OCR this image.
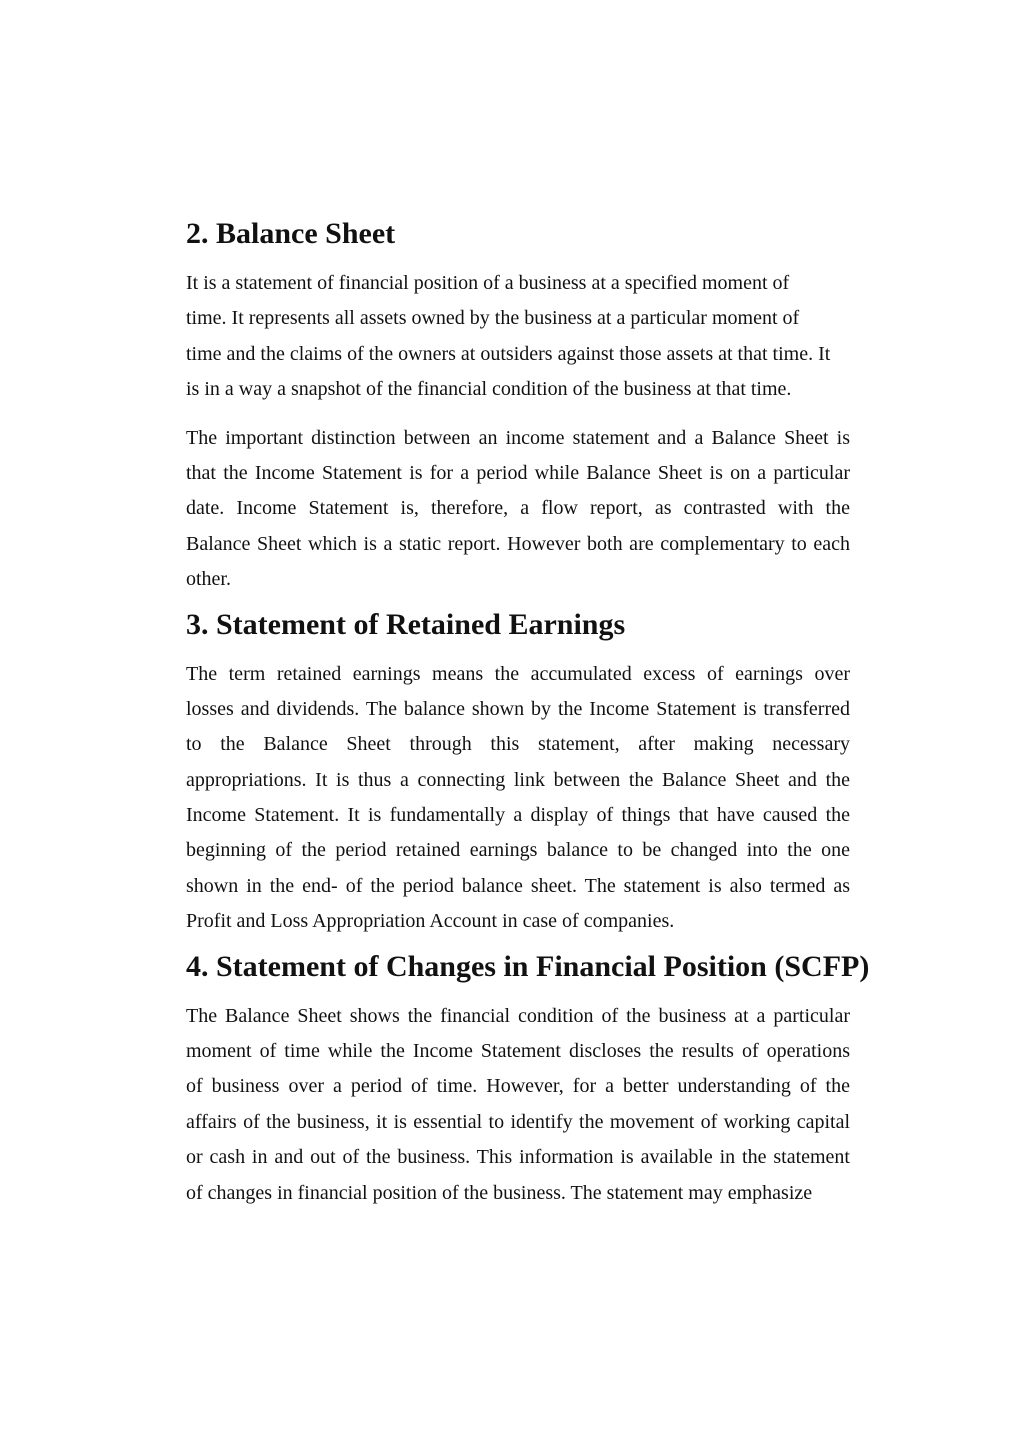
2. Balance Sheet

It is a statement of financial position of a business at a specified moment of
time. It represents all assets owned by the business at a particular moment of
time and the claims of the owners at outsiders against those assets at that time. It
is in a way a snapshot of the financial condition of the business at that time.

The important distinction between an income statement and a Balance Sheet is
that the Income Statement is for a period while Balance Sheet is on a particular
date. Income Statement is, therefore, a flow report, as contrasted with the
Balance Sheet which is a static report. However both are complementary to each
other.

3. Statement of Retained Earnings

The term retained earnings means the accumulated excess of earnings over
losses and dividends. The balance shown by the Income Statement is transferred
to the Balance Sheet through this statement, after making necessary
appropriations. It is thus a connecting link between the Balance Sheet and the
Income Statement. It is fundamentally a display of things that have caused the
beginning of the period retained earnings balance to be changed into the one
shown in the end- of the period balance sheet. The statement is also termed as
Profit and Loss Appropriation Account in case of companies.

4. Statement of Changes in Financial Position (SCFP)

The Balance Sheet shows the financial condition of the business at a particular
moment of time while the Income Statement discloses the results of operations
of business over a period of time. However, for a better understanding of the
affairs of the business, it is essential to identify the movement of working capital
or cash in and out of the business. This information is available in the statement
of changes in financial position of the business. The statement may emphasize
